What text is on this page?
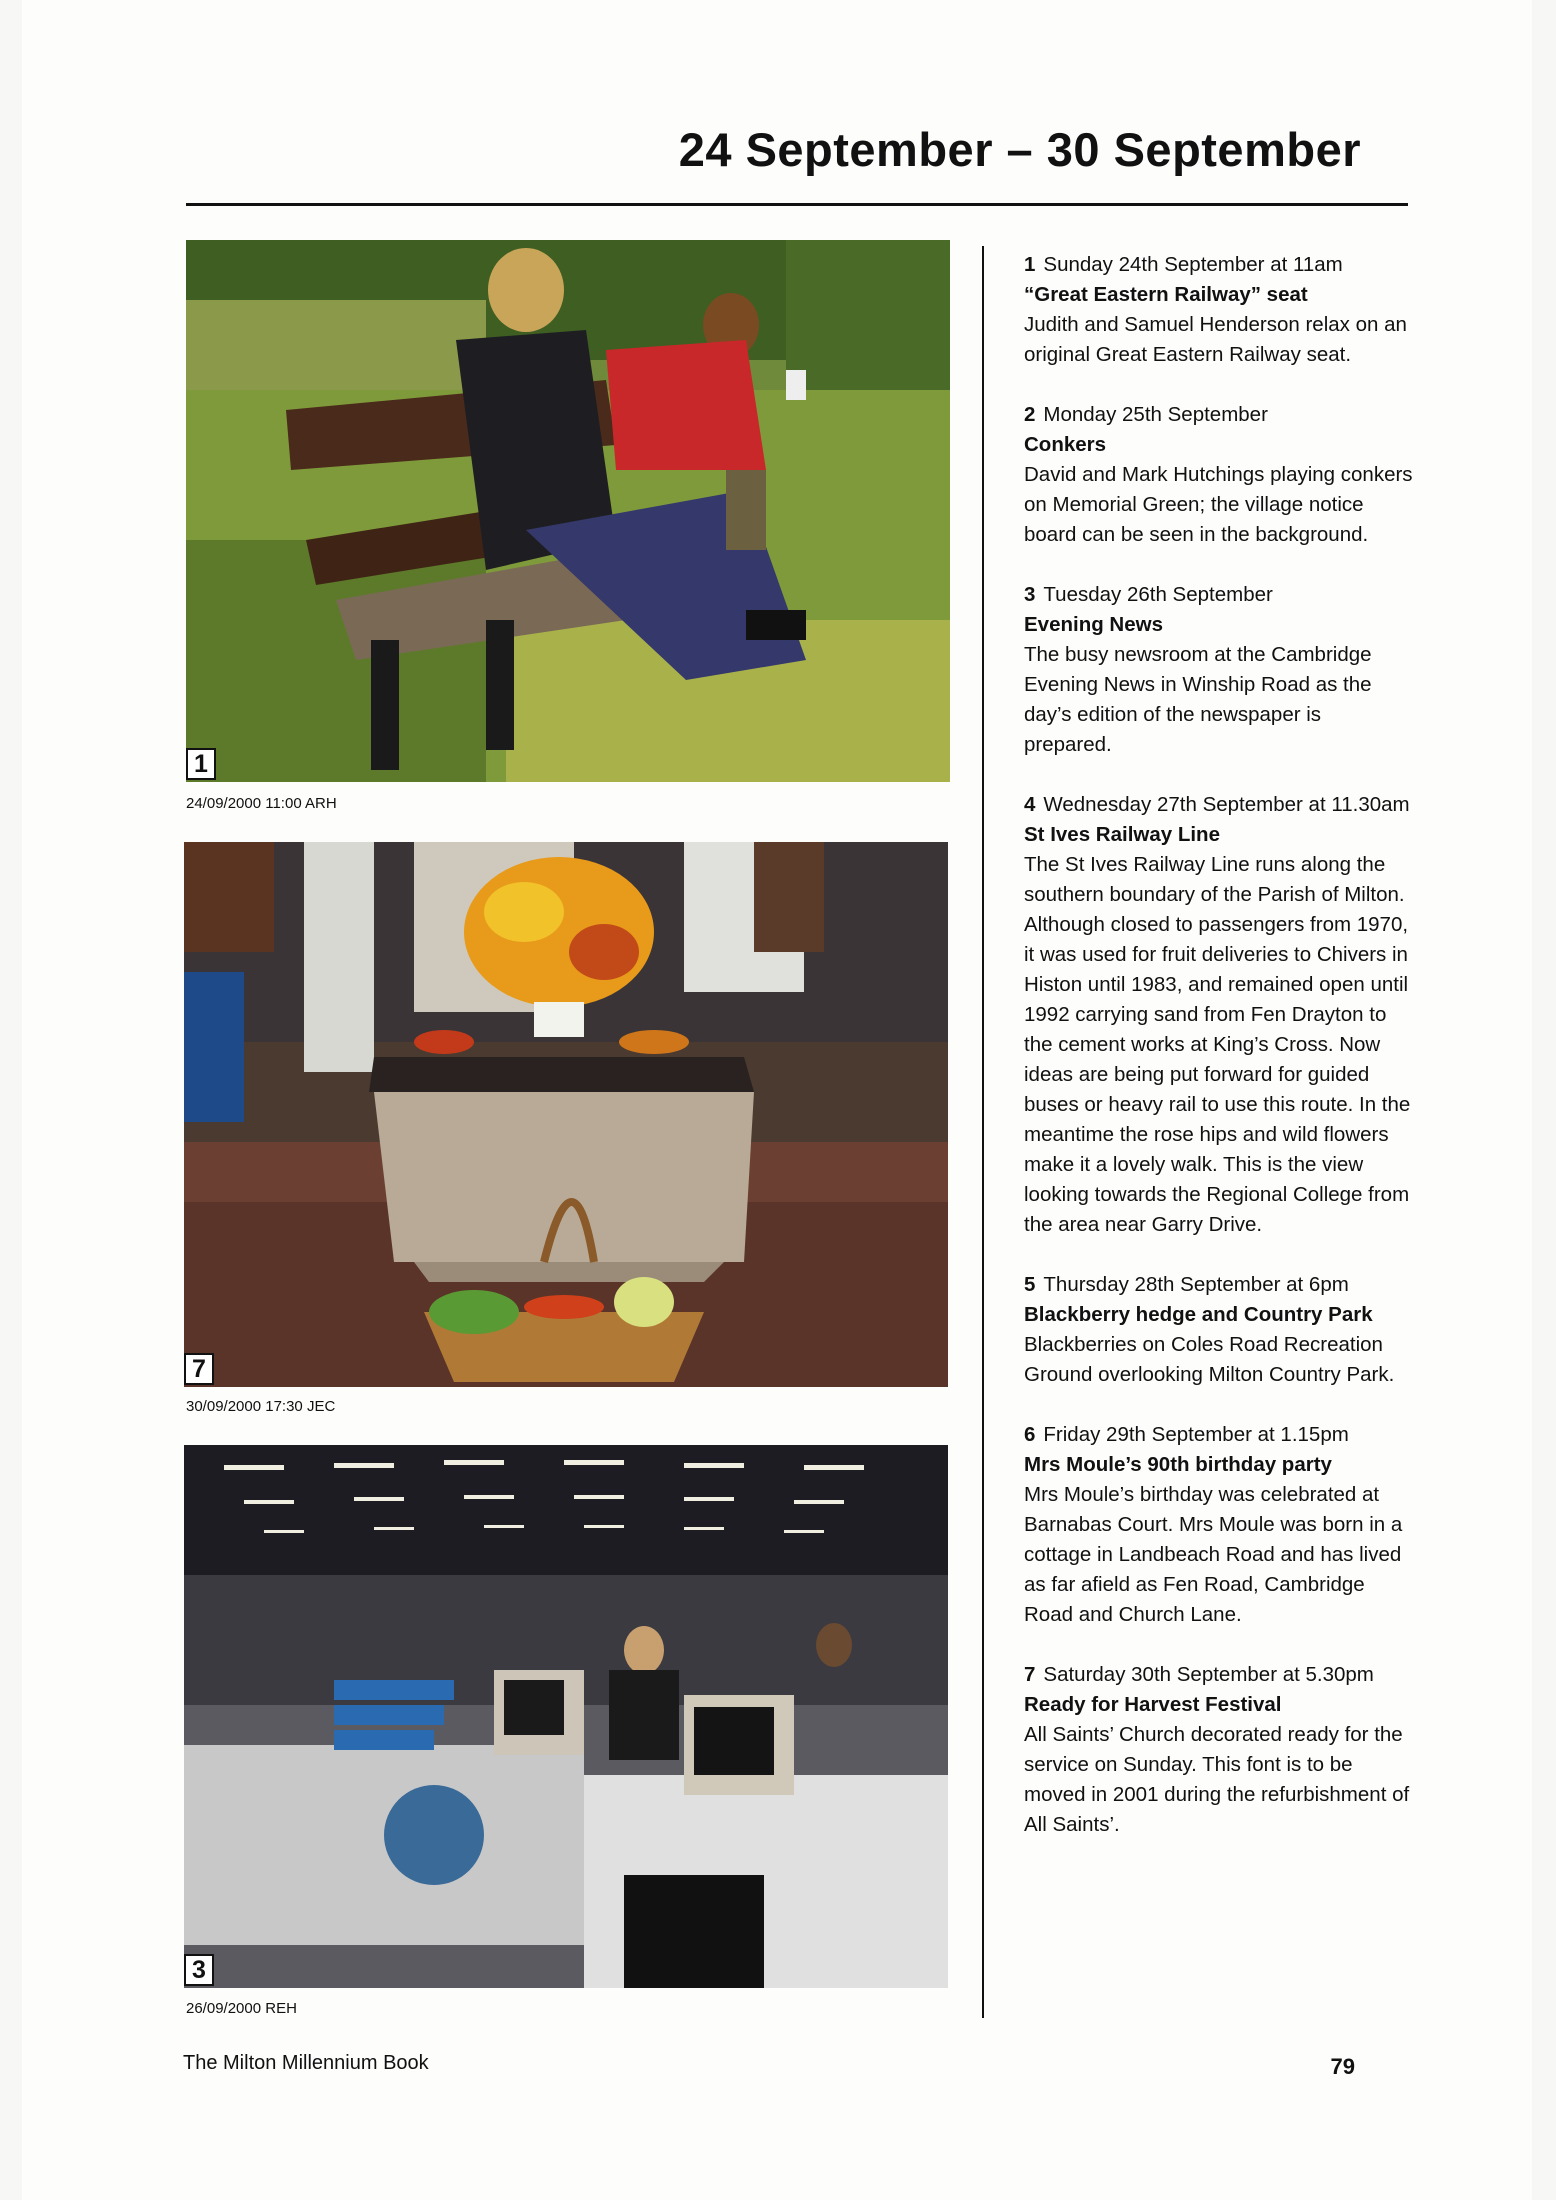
24 September – 30 September
1
24/09/2000 11:00 ARH
7
30/09/2000 17:30 JEC
3
26/09/2000 REH
1 Sunday 24th September at 11am
“Great Eastern Railway” seat
Judith and Samuel Henderson relax on an original Great Eastern Railway seat.
2 Monday 25th September
Conkers
David and Mark Hutchings playing conkers on Memorial Green; the village notice board can be seen in the background.
3 Tuesday 26th September
Evening News
The busy newsroom at the Cambridge Evening News in Winship Road as the day’s edition of the newspaper is prepared.
4 Wednesday 27th September at 11.30am
St Ives Railway Line
The St Ives Railway Line runs along the southern boundary of the Parish of Milton. Although closed to passengers from 1970, it was used for fruit deliveries to Chivers in Histon until 1983, and remained open until 1992 carrying sand from Fen Drayton to the cement works at King’s Cross. Now ideas are being put forward for guided buses or heavy rail to use this route. In the meantime the rose hips and wild flowers make it a lovely walk. This is the view looking towards the Regional College from the area near Garry Drive.
5 Thursday 28th September at 6pm
Blackberry hedge and Country Park
Blackberries on Coles Road Recreation Ground overlooking Milton Country Park.
6 Friday 29th September at 1.15pm
Mrs Moule’s 90th birthday party
Mrs Moule’s birthday was celebrated at Barnabas Court. Mrs Moule was born in a cottage in Landbeach Road and has lived as far afield as Fen Road, Cambridge Road and Church Lane.
7 Saturday 30th September at 5.30pm
Ready for Harvest Festival
All Saints’ Church decorated ready for the service on Sunday. This font is to be moved in 2001 during the refurbishment of All Saints’.
The Milton Millennium Book	79
